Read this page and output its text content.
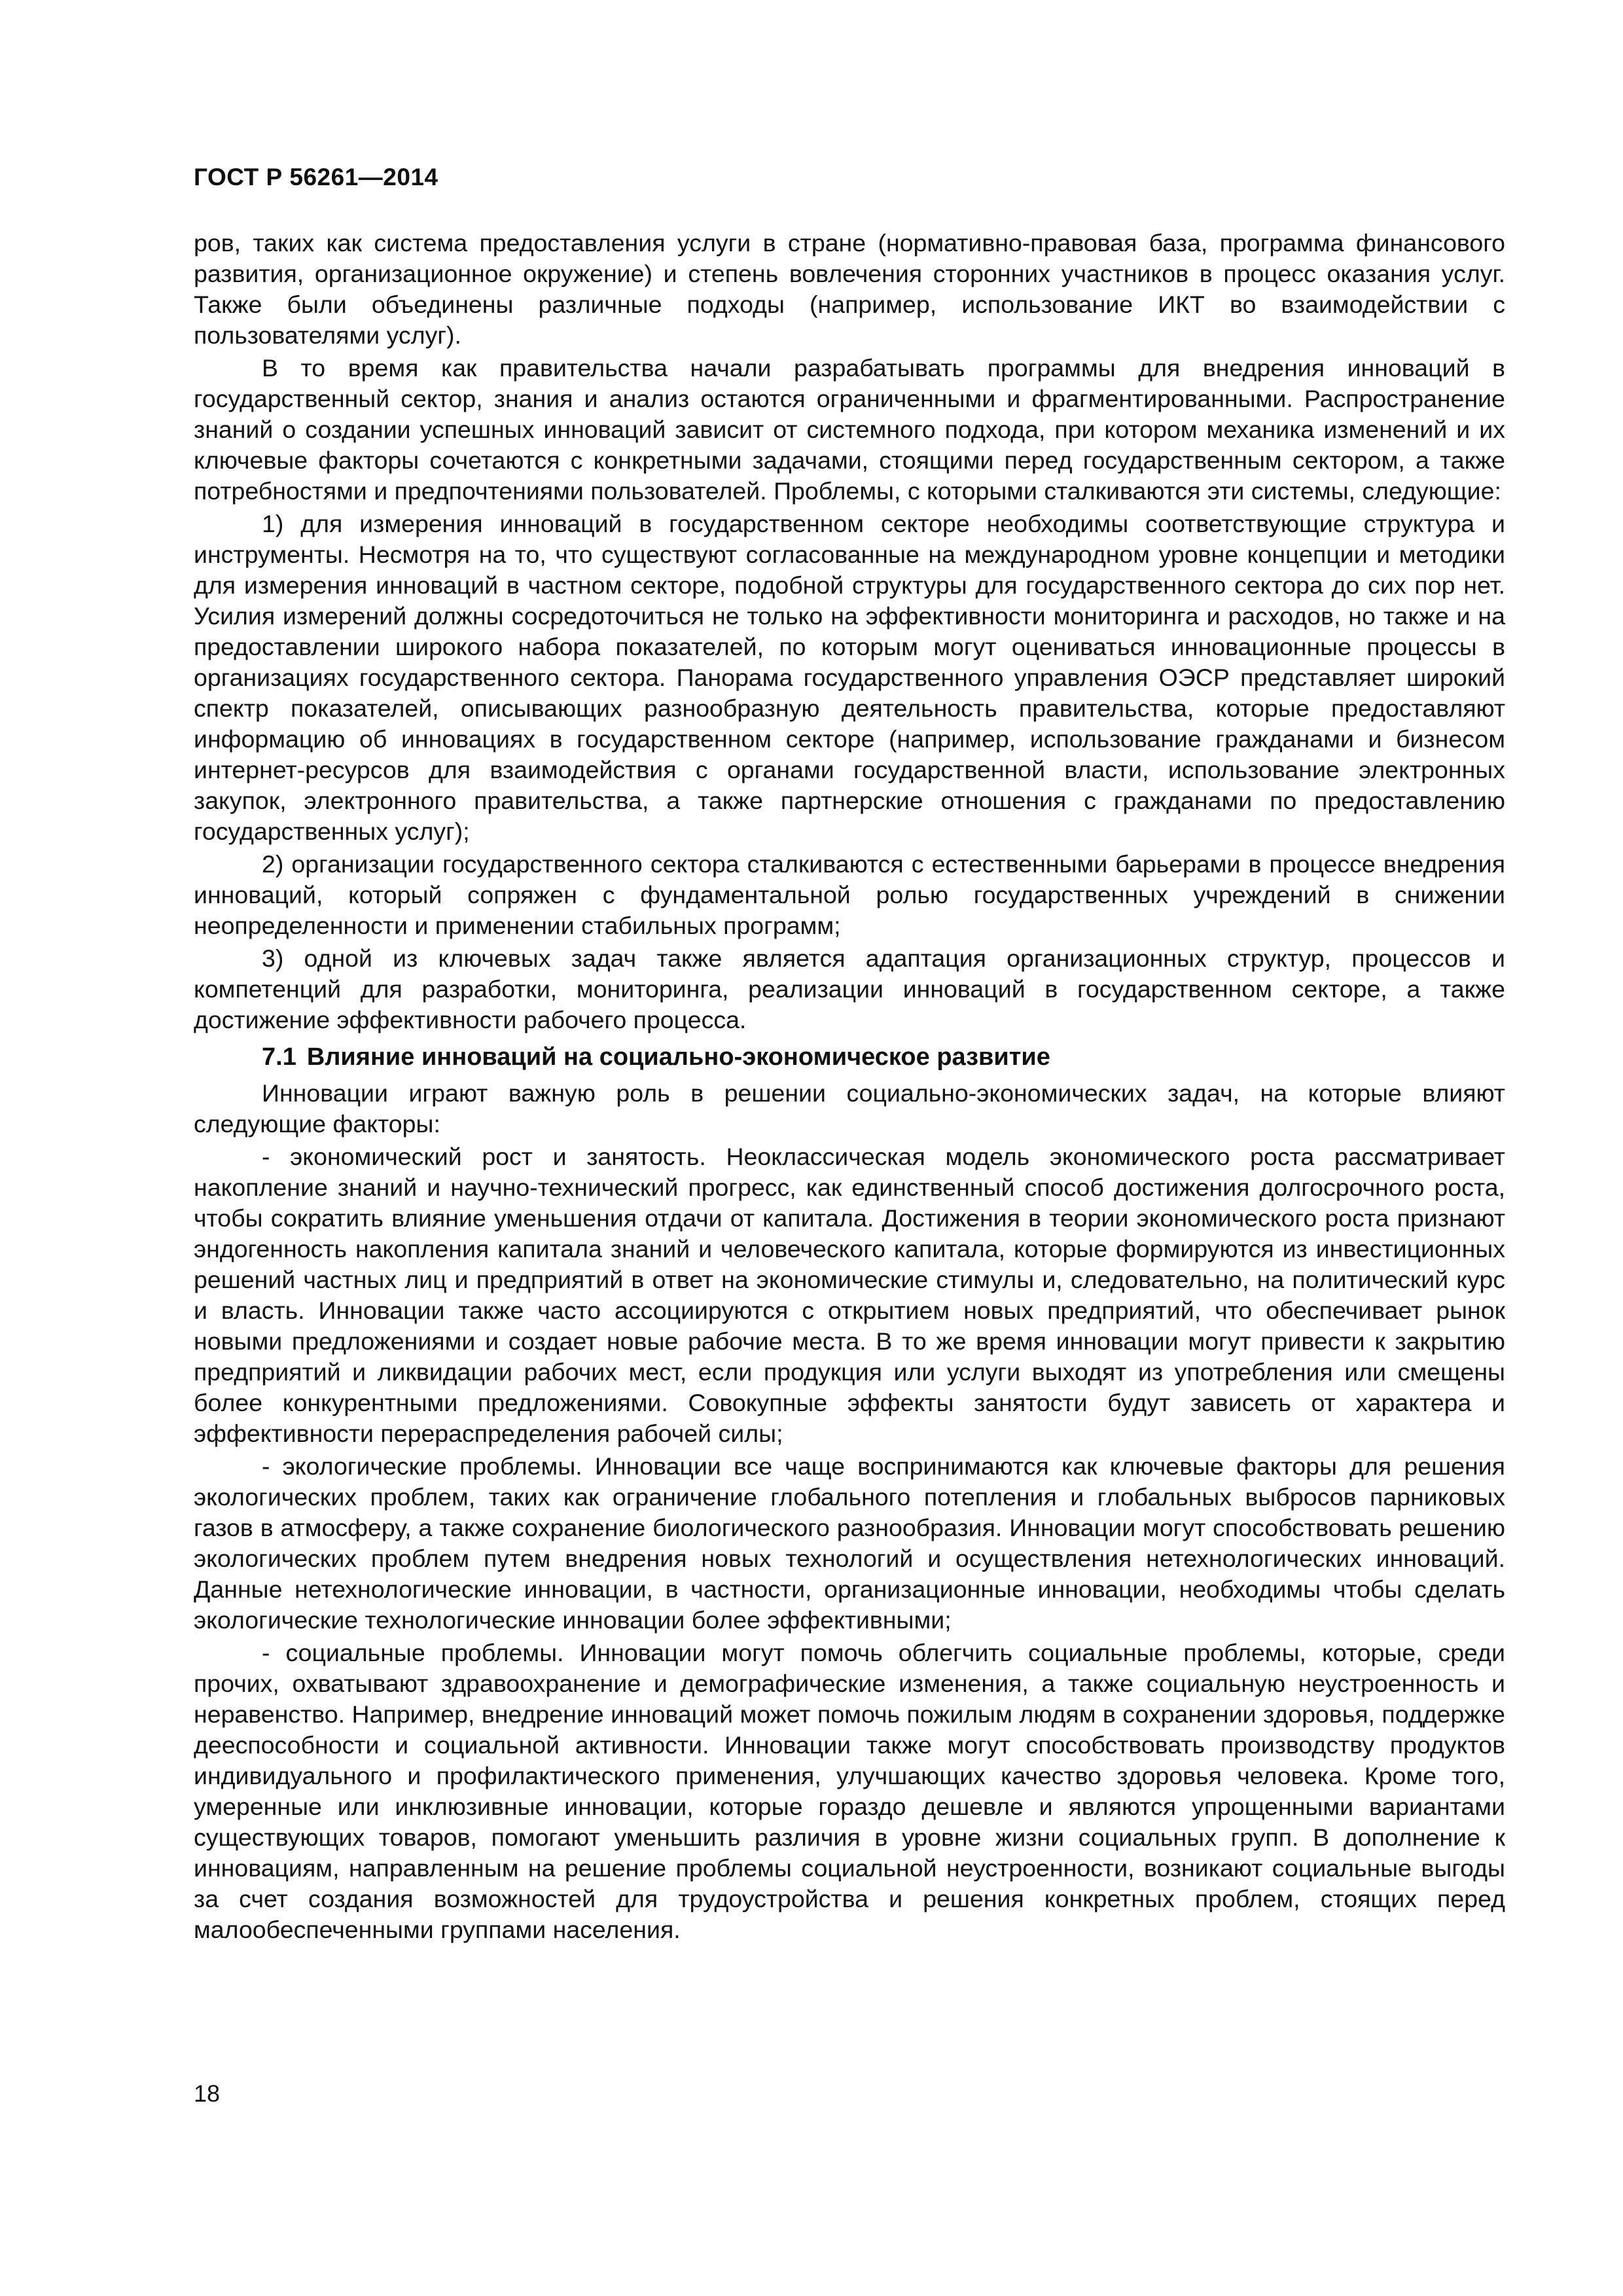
ГОСТ Р 56261—2014

ров, таких как система предоставления услуги в стране (нормативно-правовая база, программа финансового развития, организационное окружение) и степень вовлечения сторонних участников в процесс оказания услуг. Также были объединены различные подходы (например, использование ИКТ во взаимодействии с пользователями услуг).

В то время как правительства начали разрабатывать программы для внедрения инноваций в государственный сектор, знания и анализ остаются ограниченными и фрагментированными. Распространение знаний о создании успешных инноваций зависит от системного подхода, при котором механика изменений и их ключевые факторы сочетаются с конкретными задачами, стоящими перед государственным сектором, а также потребностями и предпочтениями пользователей. Проблемы, с которыми сталкиваются эти системы, следующие:

1) для измерения инноваций в государственном секторе необходимы соответствующие структура и инструменты. Несмотря на то, что существуют согласованные на международном уровне концепции и методики для измерения инноваций в частном секторе, подобной структуры для государственного сектора до сих пор нет. Усилия измерений должны сосредоточиться не только на эффективности мониторинга и расходов, но также и на предоставлении широкого набора показателей, по которым могут оцениваться инновационные процессы в организациях государственного сектора. Панорама государственного управления ОЭСР представляет широкий спектр показателей, описывающих разнообразную деятельность правительства, которые предоставляют информацию об инновациях в государственном секторе (например, использование гражданами и бизнесом интернет-ресурсов для взаимодействия с органами государственной власти, использование электронных закупок, электронного правительства, а также партнерские отношения с гражданами по предоставлению государственных услуг);

2) организации государственного сектора сталкиваются с естественными барьерами в процессе внедрения инноваций, который сопряжен с фундаментальной ролью государственных учреждений в снижении неопределенности и применении стабильных программ;

3) одной из ключевых задач также является адаптация организационных структур, процессов и компетенций для разработки, мониторинга, реализации инноваций в государственном секторе, а также достижение эффективности рабочего процесса.

7.1 Влияние инноваций на социально-экономическое развитие

Инновации играют важную роль в решении социально-экономических задач, на которые влияют следующие факторы:

- экономический рост и занятость. Неоклассическая модель экономического роста рассматривает накопление знаний и научно-технический прогресс, как единственный способ достижения долгосрочного роста, чтобы сократить влияние уменьшения отдачи от капитала. Достижения в теории экономического роста признают эндогенность накопления капитала знаний и человеческого капитала, которые формируются из инвестиционных решений частных лиц и предприятий в ответ на экономические стимулы и, следовательно, на политический курс и власть. Инновации также часто ассоциируются с открытием новых предприятий, что обеспечивает рынок новыми предложениями и создает новые рабочие места. В то же время инновации могут привести к закрытию предприятий и ликвидации рабочих мест, если продукция или услуги выходят из употребления или смещены более конкурентными предложениями. Совокупные эффекты занятости будут зависеть от характера и эффективности перераспределения рабочей силы;

- экологические проблемы. Инновации все чаще воспринимаются как ключевые факторы для решения экологических проблем, таких как ограничение глобального потепления и глобальных выбросов парниковых газов в атмосферу, а также сохранение биологического разнообразия. Инновации могут способствовать решению экологических проблем путем внедрения новых технологий и осуществления нетехнологических инноваций. Данные нетехнологические инновации, в частности, организационные инновации, необходимы чтобы сделать экологические технологические инновации более эффективными;

- социальные проблемы. Инновации могут помочь облегчить социальные проблемы, которые, среди прочих, охватывают здравоохранение и демографические изменения, а также социальную неустроенность и неравенство. Например, внедрение инноваций может помочь пожилым людям в сохранении здоровья, поддержке дееспособности и социальной активности. Инновации также могут способствовать производству продуктов индивидуального и профилактического применения, улучшающих качество здоровья человека. Кроме того, умеренные или инклюзивные инновации, которые гораздо дешевле и являются упрощенными вариантами существующих товаров, помогают уменьшить различия в уровне жизни социальных групп. В дополнение к инновациям, направленным на решение проблемы социальной неустроенности, возникают социальные выгоды за счет создания возможностей для трудоустройства и решения конкретных проблем, стоящих перед малообеспеченными группами населения.

18
